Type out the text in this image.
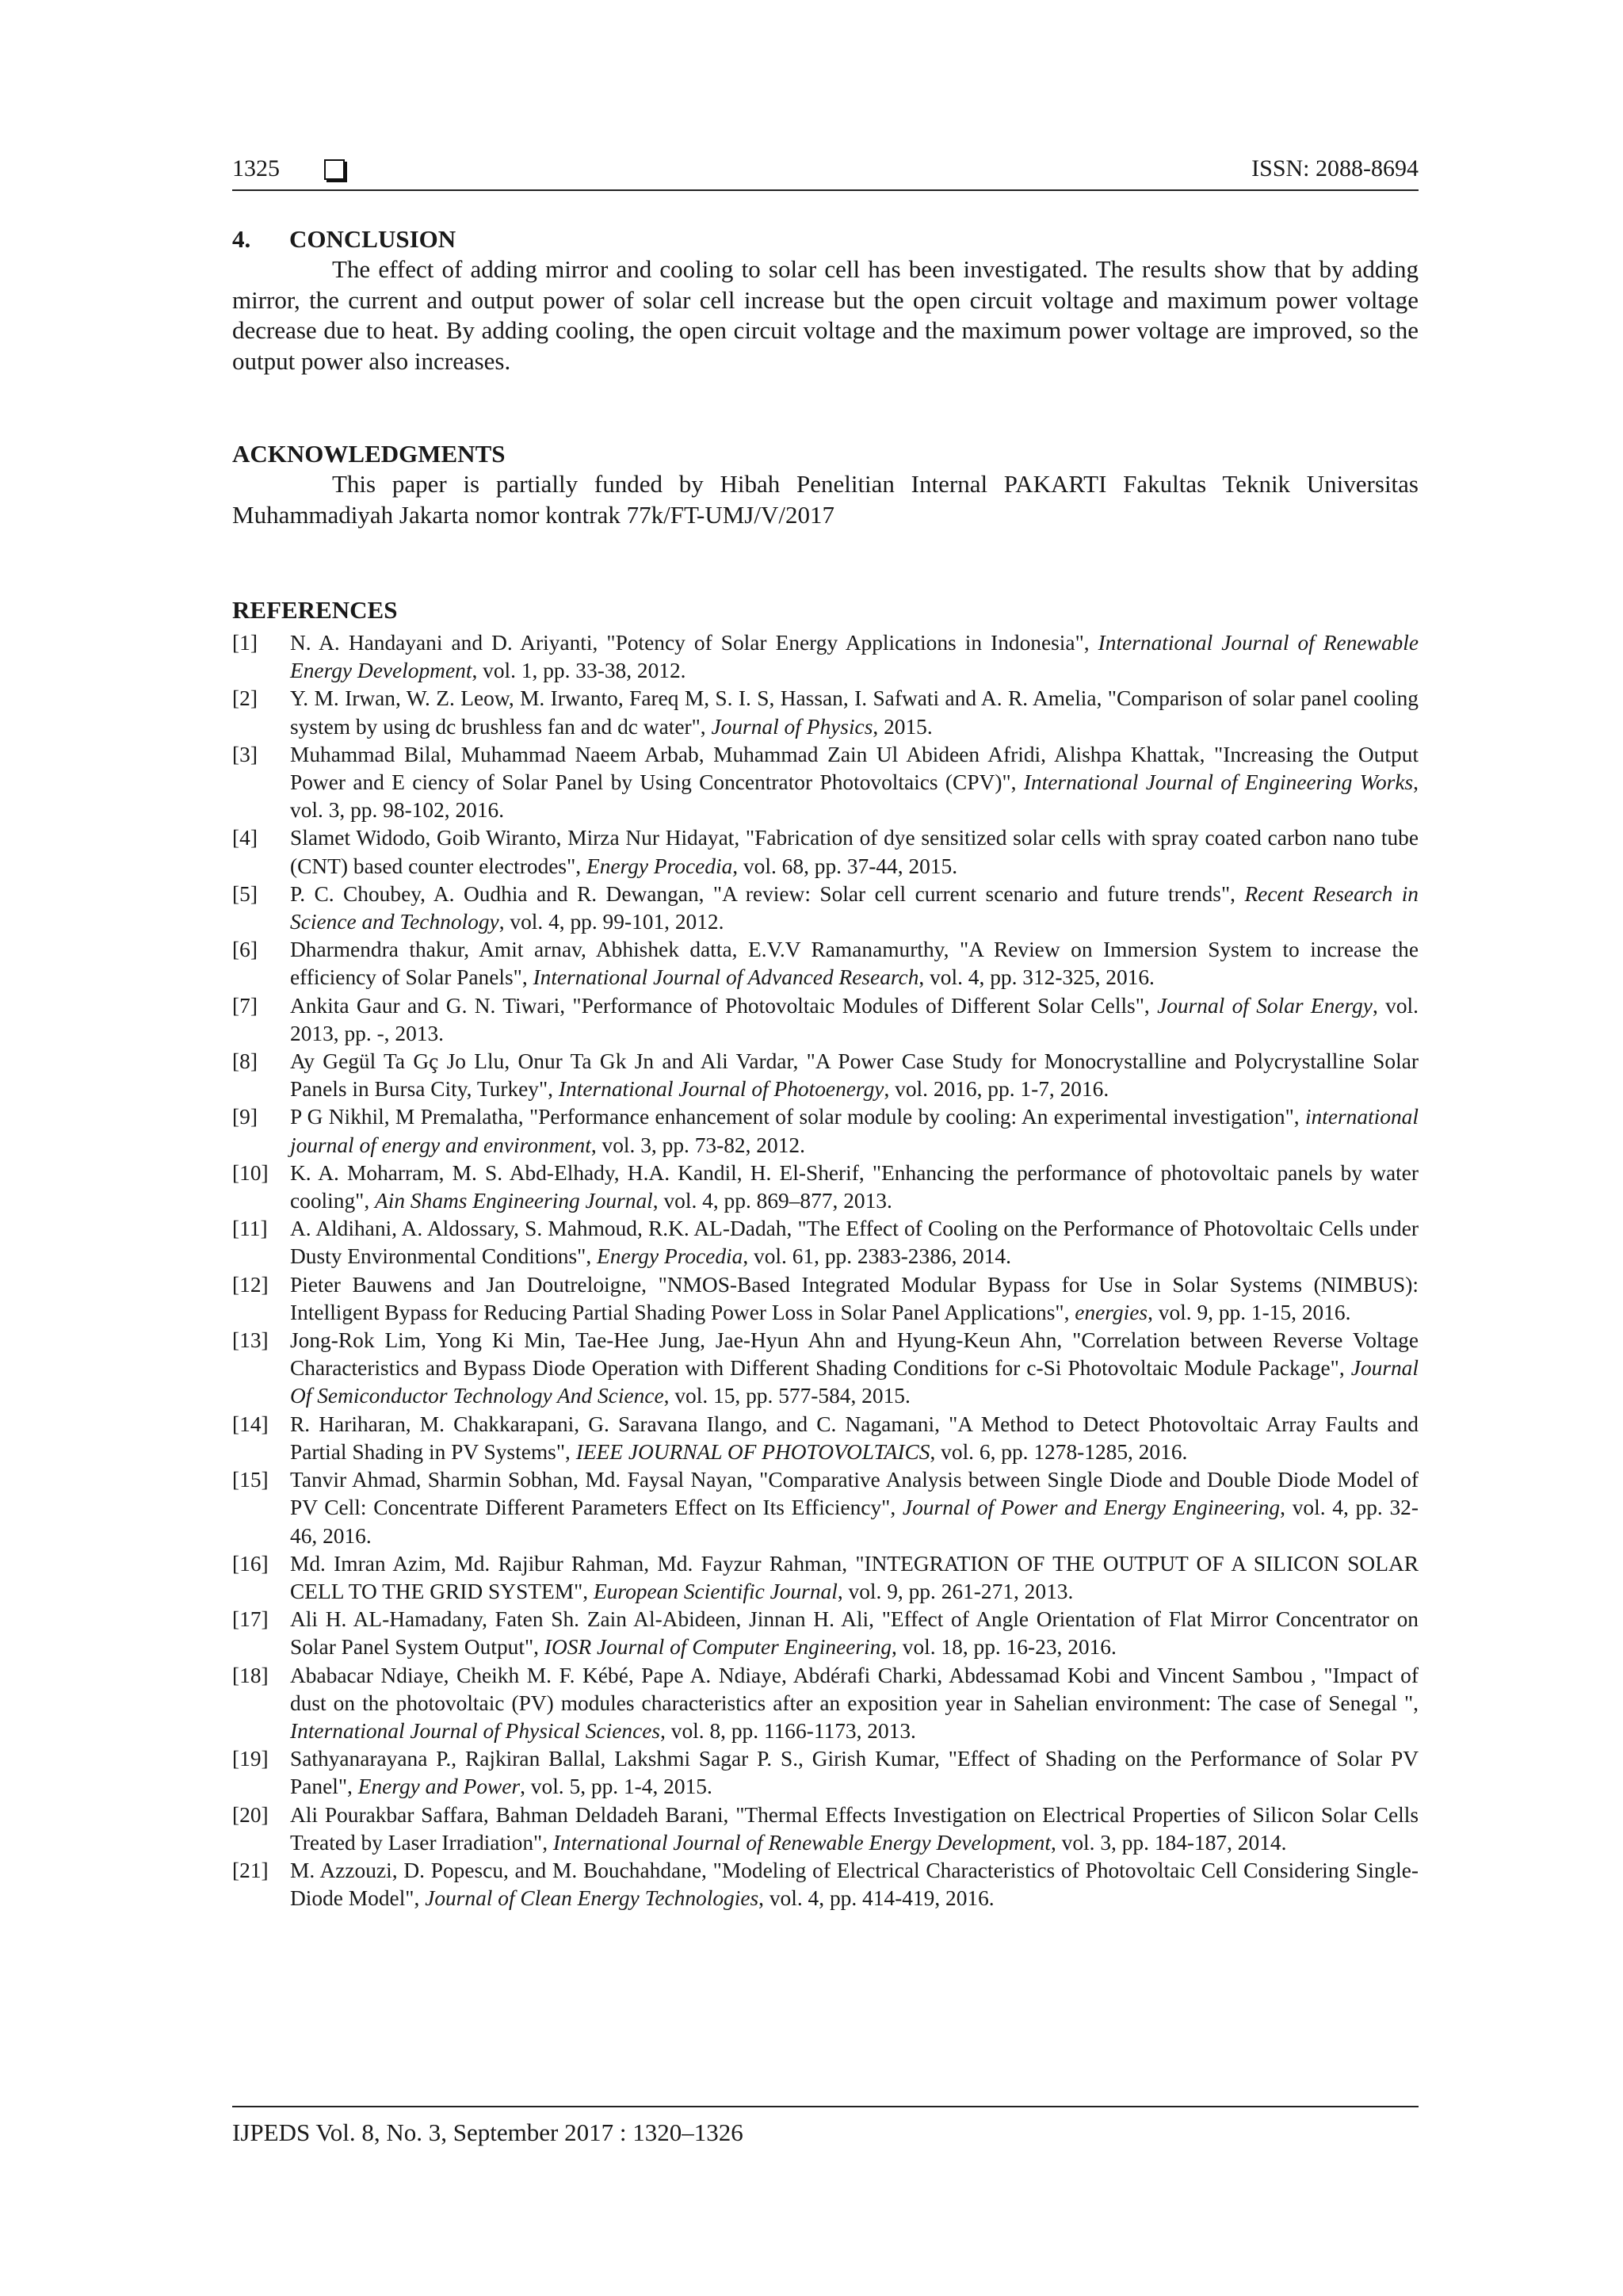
1325	ISSN: 2088-8694
4. CONCLUSION

The effect of adding mirror and cooling to solar cell has been investigated. The results show that by adding mirror, the current and output power of solar cell increase but the open circuit voltage and maximum power voltage decrease due to heat. By adding cooling, the open circuit voltage and the maximum power voltage are improved, so the output power also increases.

ACKNOWLEDGMENTS

This paper is partially funded by Hibah Penelitian Internal PAKARTI Fakultas Teknik Universitas Muhammadiyah Jakarta nomor kontrak 77k/FT-UMJ/V/2017

REFERENCES
[1]	N. A. Handayani and D. Ariyanti, "Potency of Solar Energy Applications in Indonesia", International Journal of Renewable Energy Development, vol. 1, pp. 33-38, 2012.
[2]	Y. M. Irwan, W. Z. Leow, M. Irwanto, Fareq M, S. I. S, Hassan, I. Safwati and A. R. Amelia, "Comparison of solar panel cooling system by using dc brushless fan and dc water", Journal of Physics, 2015.
[3]	Muhammad Bilal, Muhammad Naeem Arbab, Muhammad Zain Ul Abideen Afridi, Alishpa Khattak, "Increasing the Output Power and E ciency of Solar Panel by Using Concentrator Photovoltaics (CPV)", International Journal of Engineering Works, vol. 3, pp. 98-102, 2016.
[4]	Slamet Widodo, Goib Wiranto, Mirza Nur Hidayat, "Fabrication of dye sensitized solar cells with spray coated carbon nano tube (CNT) based counter electrodes", Energy Procedia, vol. 68, pp. 37-44, 2015.
[5]	P. C. Choubey, A. Oudhia and R. Dewangan, "A review: Solar cell current scenario and future trends", Recent Research in Science and Technology, vol. 4, pp. 99-101, 2012.
[6]	Dharmendra thakur, Amit arnav, Abhishek datta, E.V.V Ramanamurthy, "A Review on Immersion System to increase the efficiency of Solar Panels", International Journal of Advanced Research, vol. 4, pp. 312-325, 2016.
[7]	Ankita Gaur and G. N. Tiwari, "Performance of Photovoltaic Modules of Different Solar Cells", Journal of Solar Energy, vol. 2013, pp. -, 2013.
[8]	Ay Gegül Ta Gç Jo Llu, Onur Ta Gk Jn and Ali Vardar, "A Power Case Study for Monocrystalline and Polycrystalline Solar Panels in Bursa City, Turkey", International Journal of Photoenergy, vol. 2016, pp. 1-7, 2016.
[9]	P G Nikhil, M Premalatha, "Performance enhancement of solar module by cooling: An experimental investigation", international journal of energy and environment, vol. 3, pp. 73-82, 2012.
[10] K. A. Moharram, M. S. Abd-Elhady, H.A. Kandil, H. El-Sherif, "Enhancing the performance of photovoltaic panels by water cooling", Ain Shams Engineering Journal, vol. 4, pp. 869–877, 2013.
[11]	A. Aldihani, A. Aldossary, S. Mahmoud, R.K. AL-Dadah, "The Effect of Cooling on the Performance of Photovoltaic Cells under Dusty Environmental Conditions", Energy Procedia, vol. 61, pp. 2383-2386, 2014.
[12] Pieter Bauwens and Jan Doutreloigne, "NMOS-Based Integrated Modular Bypass for Use in Solar Systems (NIMBUS): Intelligent Bypass for Reducing Partial Shading Power Loss in Solar Panel Applications", energies, vol. 9, pp. 1-15, 2016.
[13] Jong-Rok Lim, Yong Ki Min, Tae-Hee Jung, Jae-Hyun Ahn and Hyung-Keun Ahn, "Correlation between Reverse Voltage Characteristics and Bypass Diode Operation with Different Shading Conditions for c-Si Photovoltaic Module Package", Journal Of Semiconductor Technology And Science, vol. 15, pp. 577-584, 2015.
[14] R. Hariharan, M. Chakkarapani, G. Saravana Ilango, and C. Nagamani, "A Method to Detect Photovoltaic Array Faults and Partial Shading in PV Systems", IEEE JOURNAL OF PHOTOVOLTAICS, vol. 6, pp. 1278-1285, 2016.
[15] Tanvir Ahmad, Sharmin Sobhan, Md. Faysal Nayan, "Comparative Analysis between Single Diode and Double Diode Model of PV Cell: Concentrate Different Parameters Effect on Its Efficiency", Journal of Power and Energy Engineering, vol. 4, pp. 32-46, 2016.
[16] Md. Imran Azim, Md. Rajibur Rahman, Md. Fayzur Rahman, "INTEGRATION OF THE OUTPUT OF A SILICON SOLAR CELL TO THE GRID SYSTEM", European Scientific Journal, vol. 9, pp. 261-271, 2013.
[17] Ali H. AL-Hamadany, Faten Sh. Zain Al-Abideen, Jinnan H. Ali, "Effect of Angle Orientation of Flat Mirror Concentrator on Solar Panel System Output", IOSR Journal of Computer Engineering, vol. 18, pp. 16-23, 2016.
[18] Ababacar Ndiaye, Cheikh M. F. Kébé, Pape A. Ndiaye, Abdérafi Charki, Abdessamad Kobi and Vincent Sambou , "Impact of dust on the photovoltaic (PV) modules characteristics after an exposition year in Sahelian environment: The case of Senegal ", International Journal of Physical Sciences, vol. 8, pp. 1166-1173, 2013.
[19] Sathyanarayana P., Rajkiran Ballal, Lakshmi Sagar P. S., Girish Kumar, "Effect of Shading on the Performance of Solar PV Panel", Energy and Power, vol. 5, pp. 1-4, 2015.
[20] Ali Pourakbar Saffara, Bahman Deldadeh Barani, "Thermal Effects Investigation on Electrical Properties of Silicon Solar Cells Treated by Laser Irradiation", International Journal of Renewable Energy Development, vol. 3, pp. 184-187, 2014.
[21] M. Azzouzi, D. Popescu, and M. Bouchahdane, "Modeling of Electrical Characteristics of Photovoltaic Cell Considering Single-Diode Model", Journal of Clean Energy Technologies, vol. 4, pp. 414-419, 2016.
IJPEDS Vol. 8, No. 3, September 2017 : 1320–1326
